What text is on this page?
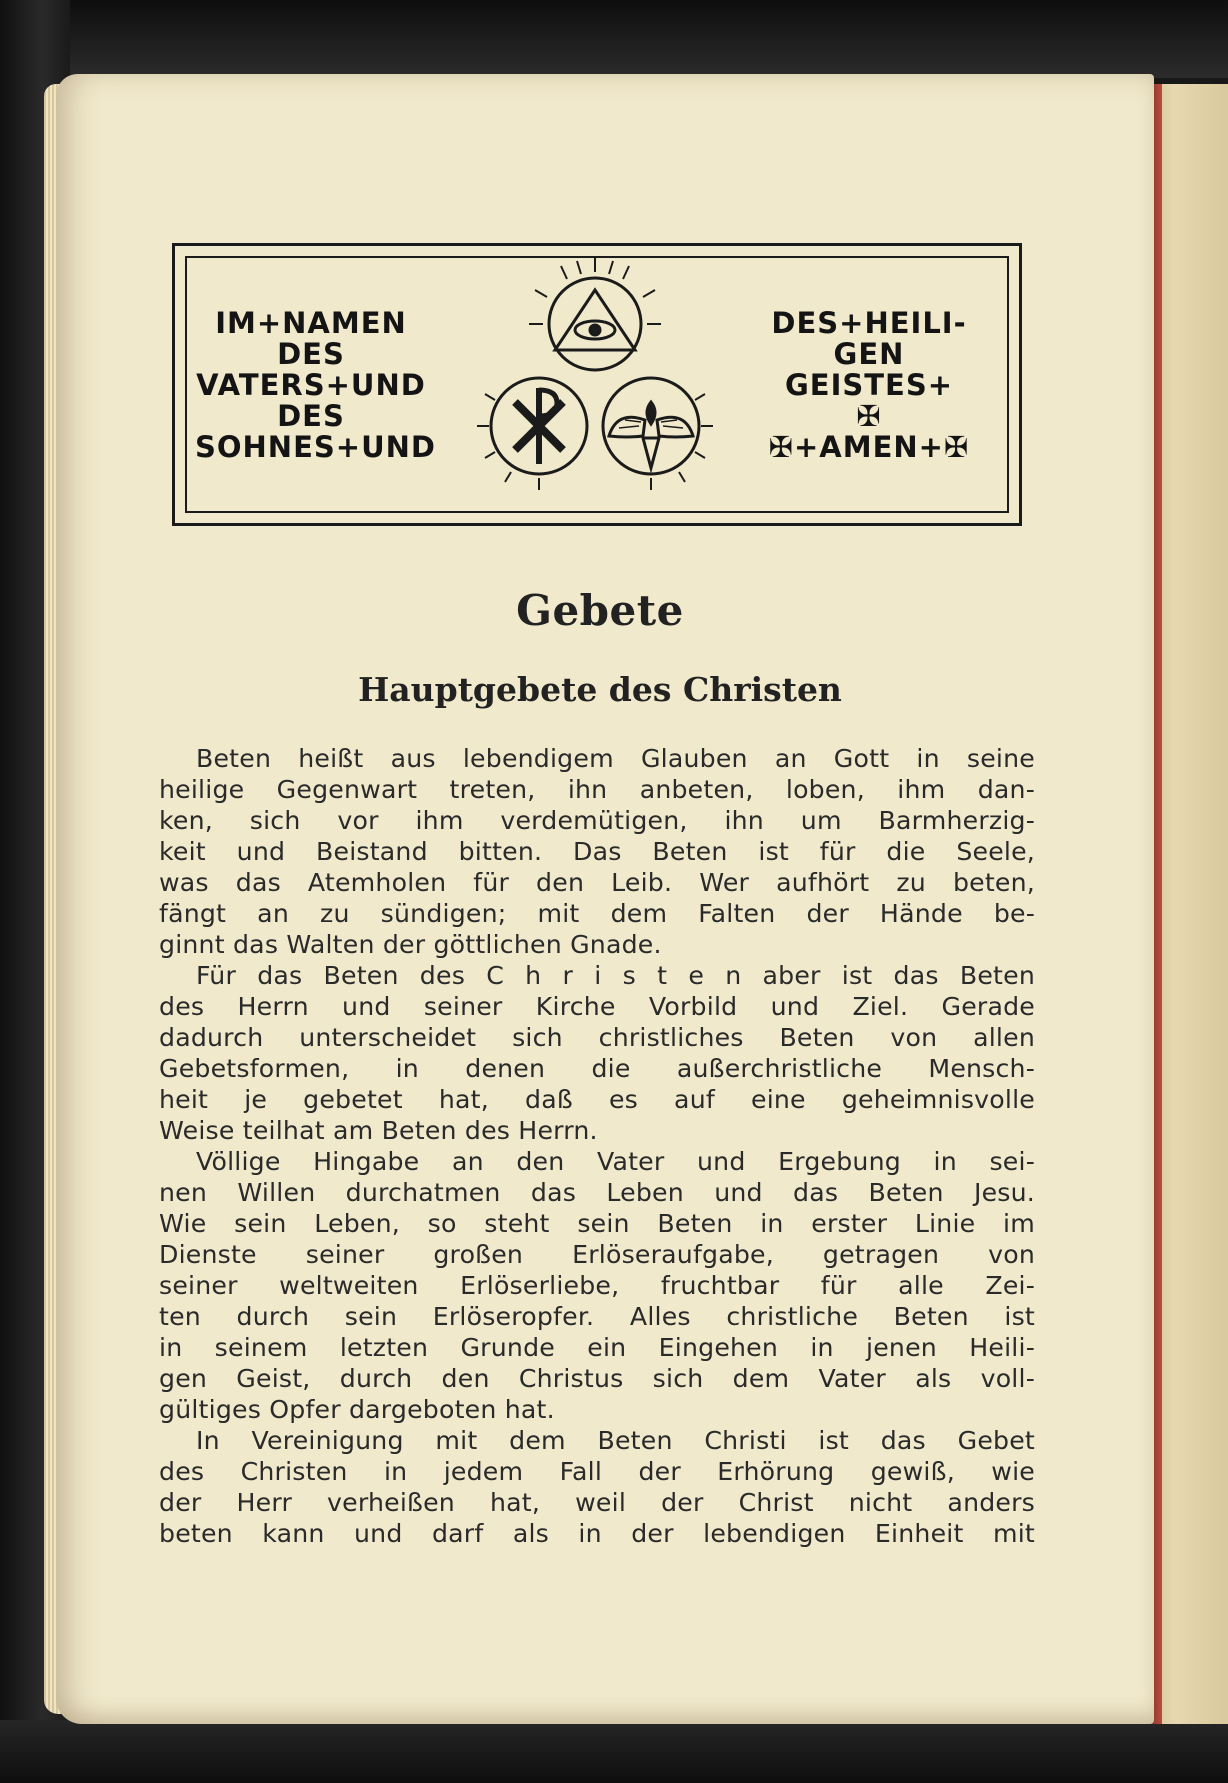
IM+NAMEN
DES
VATERS+UND
DES
SOHNES+UND
DES+HEILI-
GEN
GEISTES+
✠
✠+AMEN+✠
Gebete
Hauptgebete des Christen
Beten heißt aus lebendigem Glauben an Gott in seine
heilige Gegenwart treten, ihn anbeten, loben, ihm dan-
ken, sich vor ihm verdemütigen, ihn um Barmherzig-
keit und Beistand bitten. Das Beten ist für die Seele,
was das Atemholen für den Leib. Wer aufhört zu beten,
fängt an zu sündigen; mit dem Falten der Hände be-
ginnt das Walten der göttlichen Gnade.
Für das Beten des C h r i s t e n aber ist das Beten
des Herrn und seiner Kirche Vorbild und Ziel. Gerade
dadurch unterscheidet sich christliches Beten von allen
Gebetsformen, in denen die außerchristliche Mensch-
heit je gebetet hat, daß es auf eine geheimnisvolle
Weise teilhat am Beten des Herrn.
Völlige Hingabe an den Vater und Ergebung in sei-
nen Willen durchatmen das Leben und das Beten Jesu.
Wie sein Leben, so steht sein Beten in erster Linie im
Dienste seiner großen Erlöseraufgabe, getragen von
seiner weltweiten Erlöserliebe, fruchtbar für alle Zei-
ten durch sein Erlöseropfer. Alles christliche Beten ist
in seinem letzten Grunde ein Eingehen in jenen Heili-
gen Geist, durch den Christus sich dem Vater als voll-
gültiges Opfer dargeboten hat.
In Vereinigung mit dem Beten Christi ist das Gebet
des Christen in jedem Fall der Erhörung gewiß, wie
der Herr verheißen hat, weil der Christ nicht anders
beten kann und darf als in der lebendigen Einheit mit
